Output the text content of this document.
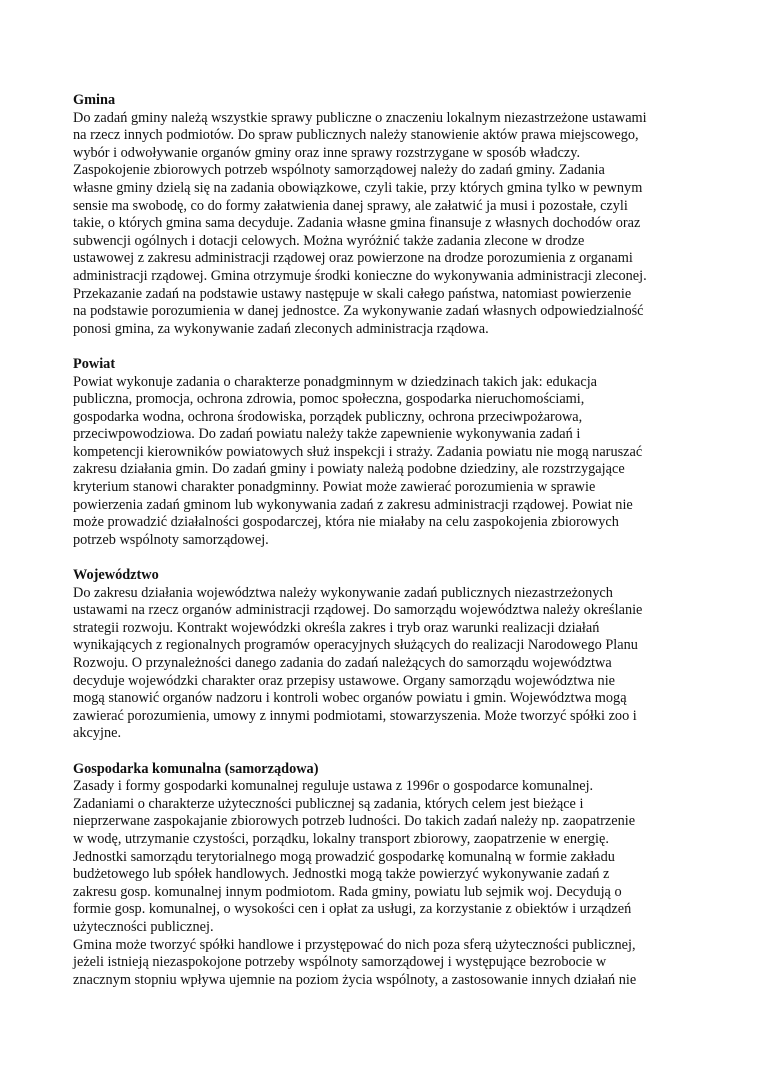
Gmina
Do zadań gminy należą wszystkie sprawy publiczne o znaczeniu lokalnym niezastrzeżone ustawami
na rzecz innych podmiotów. Do spraw publicznych należy stanowienie aktów prawa miejscowego,
wybór i odwoływanie organów gminy oraz inne sprawy rozstrzygane w sposób władczy.
Zaspokojenie zbiorowych potrzeb wspólnoty samorządowej należy do zadań gminy. Zadania
własne gminy dzielą się na zadania obowiązkowe, czyli takie, przy których gmina tylko w pewnym
sensie ma swobodę, co do formy załatwienia danej sprawy, ale załatwić ja musi i pozostałe, czyli
takie, o których gmina sama decyduje. Zadania własne gmina finansuje z własnych dochodów oraz
subwencji ogólnych i dotacji celowych. Można wyróżnić także zadania zlecone w drodze
ustawowej z zakresu administracji rządowej oraz powierzone na drodze porozumienia z organami
administracji rządowej. Gmina otrzymuje środki konieczne do wykonywania administracji zleconej.
Przekazanie zadań na podstawie ustawy następuje w skali całego państwa, natomiast powierzenie
na podstawie porozumienia w danej jednostce. Za wykonywanie zadań własnych odpowiedzialność
ponosi gmina, za wykonywanie zadań zleconych administracja rządowa.
Powiat
Powiat wykonuje zadania o charakterze ponadgminnym w dziedzinach takich jak: edukacja
publiczna, promocja, ochrona zdrowia, pomoc społeczna, gospodarka nieruchomościami,
gospodarka wodna, ochrona środowiska, porządek publiczny, ochrona przeciwpożarowa,
przeciwpowodziowa. Do zadań powiatu należy także zapewnienie wykonywania zadań i
kompetencji kierowników powiatowych służ inspekcji i straży. Zadania powiatu nie mogą naruszać
zakresu działania gmin. Do zadań gminy i powiaty należą podobne dziedziny, ale rozstrzygające
kryterium stanowi charakter ponadgminny. Powiat może zawierać porozumienia w sprawie
powierzenia zadań gminom lub wykonywania zadań z zakresu administracji rządowej. Powiat nie
może prowadzić działalności gospodarczej, która nie miałaby na celu zaspokojenia zbiorowych
potrzeb wspólnoty samorządowej.
Województwo
Do zakresu działania województwa należy wykonywanie zadań publicznych niezastrzeżonych
ustawami na rzecz organów administracji rządowej. Do samorządu województwa należy określanie
strategii rozwoju. Kontrakt wojewódzki określa zakres i tryb oraz warunki realizacji działań
wynikających z regionalnych programów operacyjnych służących do realizacji Narodowego Planu
Rozwoju. O przynależności danego zadania do zadań należących do samorządu województwa
decyduje wojewódzki charakter oraz przepisy ustawowe. Organy samorządu województwa nie
mogą stanowić organów nadzoru i kontroli wobec organów powiatu i gmin. Województwa mogą
zawierać porozumienia, umowy z innymi podmiotami, stowarzyszenia. Może tworzyć spółki zoo i
akcyjne.
Gospodarka komunalna (samorządowa)
Zasady i formy gospodarki komunalnej reguluje ustawa z 1996r o gospodarce komunalnej.
Zadaniami o charakterze użyteczności publicznej są zadania, których celem jest bieżące i
nieprzerwane zaspokajanie zbiorowych potrzeb ludności. Do takich zadań należy np. zaopatrzenie
w wodę, utrzymanie czystości, porządku, lokalny transport zbiorowy, zaopatrzenie w energię.
Jednostki samorządu terytorialnego mogą prowadzić gospodarkę komunalną w formie zakładu
budżetowego lub spółek handlowych. Jednostki mogą także powierzyć wykonywanie zadań z
zakresu gosp. komunalnej innym podmiotom. Rada gminy, powiatu lub sejmik woj. Decydują o
formie gosp. komunalnej, o wysokości cen i opłat za usługi, za korzystanie z obiektów i urządzeń
użyteczności publicznej.
Gmina może tworzyć spółki handlowe i przystępować do nich poza sferą użyteczności publicznej,
jeżeli istnieją niezaspokojone potrzeby wspólnoty samorządowej i występujące bezrobocie w
znacznym stopniu wpływa ujemnie na poziom życia wspólnoty, a zastosowanie innych działań nie
